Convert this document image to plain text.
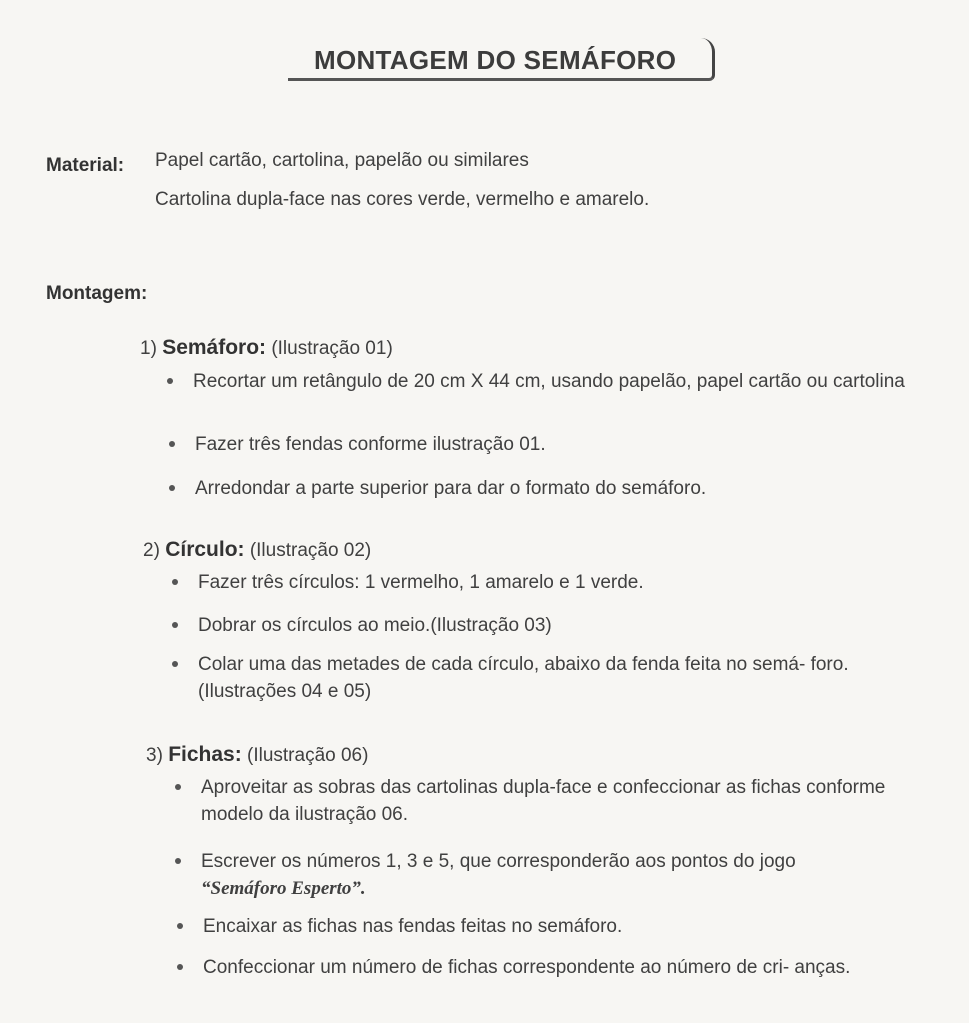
MONTAGEM DO SEMÁFORO
Material: Papel cartão, cartolina, papelão ou similares
Cartolina dupla-face nas cores verde, vermelho e amarelo.
Montagem:
1) Semáforo: (Ilustração 01)
Recortar um retângulo de 20 cm X 44 cm, usando papelão, papel cartão ou cartolina
Fazer três fendas conforme ilustração 01.
Arredondar a parte superior para dar o formato do semáforo.
2) Círculo: (Ilustração 02)
Fazer três círculos: 1 vermelho, 1 amarelo e 1 verde.
Dobrar os círculos ao meio.(Ilustração 03)
Colar uma das metades de cada círculo, abaixo da fenda feita no semá- foro. (Ilustrações 04 e 05)
3) Fichas: (Ilustração 06)
Aproveitar as sobras das cartolinas dupla-face e confeccionar as fichas conforme modelo da ilustração 06.
Escrever os números 1, 3 e 5, que corresponderão aos pontos do jogo
“Semáforo Esperto”.
Encaixar as fichas nas fendas feitas no semáforo.
Confeccionar um número de fichas correspondente ao número de cri- anças.
